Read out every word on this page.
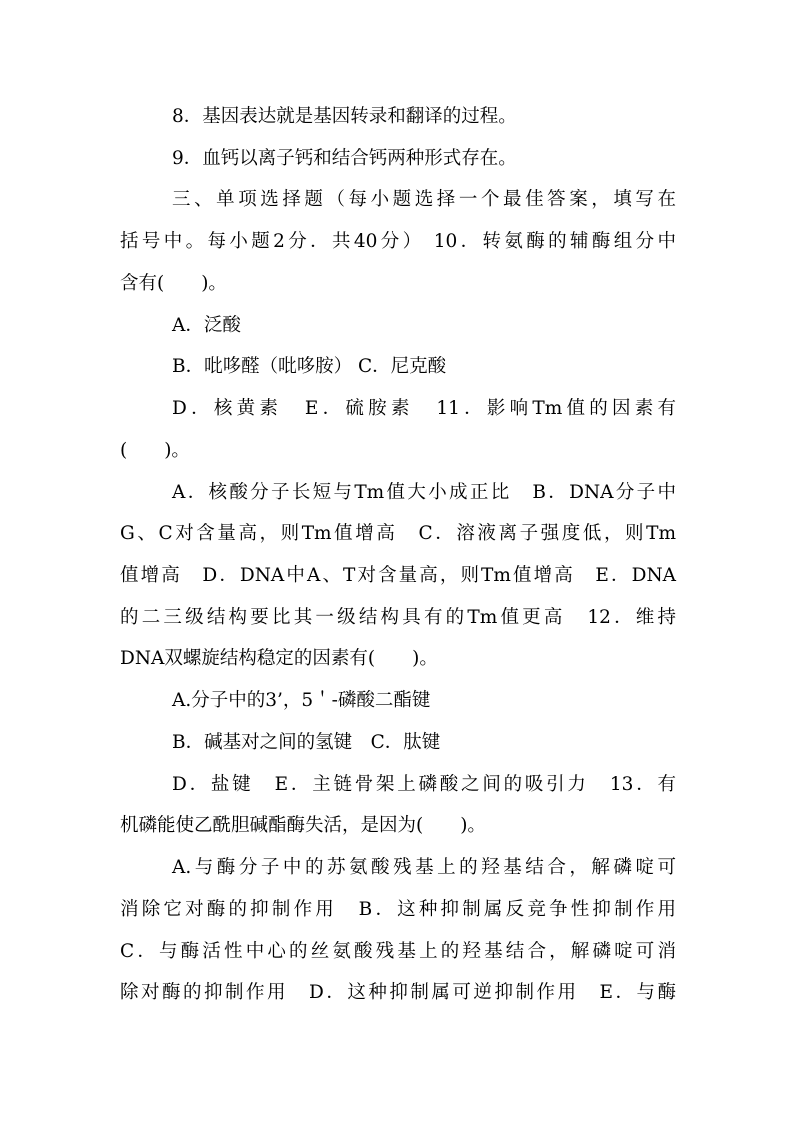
8．基因表达就是基因转录和翻译的过程。
9．血钙以离子钙和结合钙两种形式存在。
三、单项选择题（每小题选择一个最佳答案，填写在
括号中。每小题2分．共40分） 10．转氨酶的辅酶组分中
含有(　　)。
A．泛酸
B．吡哆醛（吡哆胺） C．尼克酸
D．核黄素　E．硫胺素　11．影响Tm值的因素有
(　　)。
A．核酸分子长短与Tm值大小成正比　B．DNA分子中
G、C对含量高，则Tm值增高　C．溶液离子强度低，则Tm
值增高　D．DNA中A、T对含量高，则Tm值增高　E．DNA
的二三级结构要比其一级结构具有的Tm值更高　12．维持
DNA双螺旋结构稳定的因素有(　　)。
A.分子中的3’，5＇-磷酸二酯键
B．碱基对之间的氢键　C．肽键
D．盐键　E．主链骨架上磷酸之间的吸引力　13．有
机磷能使乙酰胆碱酯酶失活，是因为(　　)。
A.与酶分子中的苏氨酸残基上的羟基结合，解磷啶可
消除它对酶的抑制作用　B．这种抑制属反竞争性抑制作用
C．与酶活性中心的丝氨酸残基上的羟基结合，解磷啶可消
除对酶的抑制作用　D．这种抑制属可逆抑制作用　E．与酶
